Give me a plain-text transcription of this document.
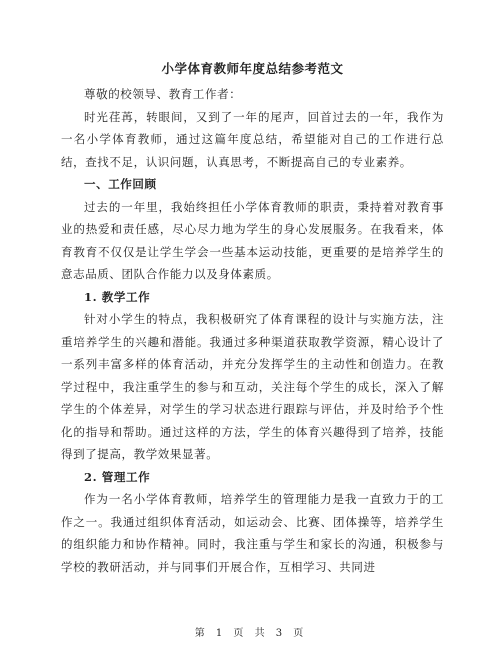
小学体育教师年度总结参考范文

尊敬的校领导、教育工作者：

时光荏苒，转眼间，又到了一年的尾声，回首过去的一年，我作为一名小学体育教师，通过这篇年度总结，希望能对自己的工作进行总结，查找不足，认识问题，认真思考，不断提高自己的专业素养。

一、工作回顾

过去的一年里，我始终担任小学体育教师的职责，秉持着对教育事业的热爱和责任感，尽心尽力地为学生的身心发展服务。在我看来，体育教育不仅仅是让学生学会一些基本运动技能，更重要的是培养学生的意志品质、团队合作能力以及身体素质。

1. 教学工作

针对小学生的特点，我积极研究了体育课程的设计与实施方法，注重培养学生的兴趣和潜能。我通过多种渠道获取教学资源，精心设计了一系列丰富多样的体育活动，并充分发挥学生的主动性和创造力。在教学过程中，我注重学生的参与和互动，关注每个学生的成长，深入了解学生的个体差异，对学生的学习状态进行跟踪与评估，并及时给予个性化的指导和帮助。通过这样的方法，学生的体育兴趣得到了培养，技能得到了提高，教学效果显著。

2. 管理工作

作为一名小学体育教师，培养学生的管理能力是我一直致力于的工作之一。我通过组织体育活动，如运动会、比赛、团体操等，培养学生的组织能力和协作精神。同时，我注重与学生和家长的沟通，积极参与学校的教研活动，并与同事们开展合作，互相学习、共同进

第 1 页 共 3 页
